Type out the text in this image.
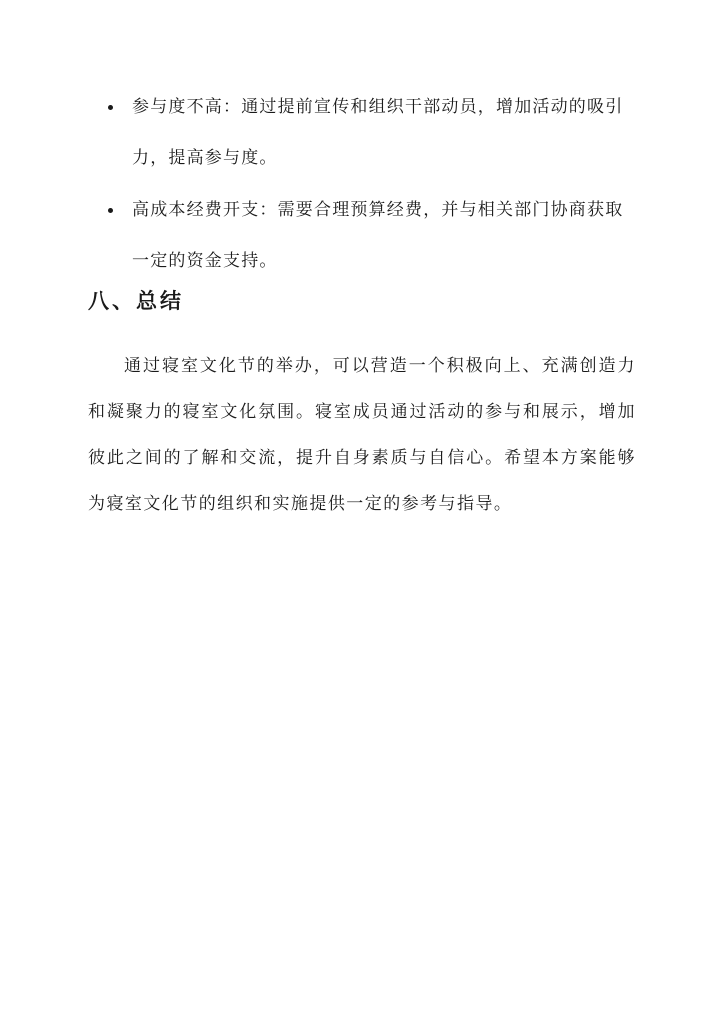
参与度不高：通过提前宣传和组织干部动员，增加活动的吸引力，提高参与度。
高成本经费开支：需要合理预算经费，并与相关部门协商获取一定的资金支持。
八、总结

通过寝室文化节的举办，可以营造一个积极向上、充满创造力和凝聚力的寝室文化氛围。寝室成员通过活动的参与和展示，增加彼此之间的了解和交流，提升自身素质与自信心。希望本方案能够为寝室文化节的组织和实施提供一定的参考与指导。
